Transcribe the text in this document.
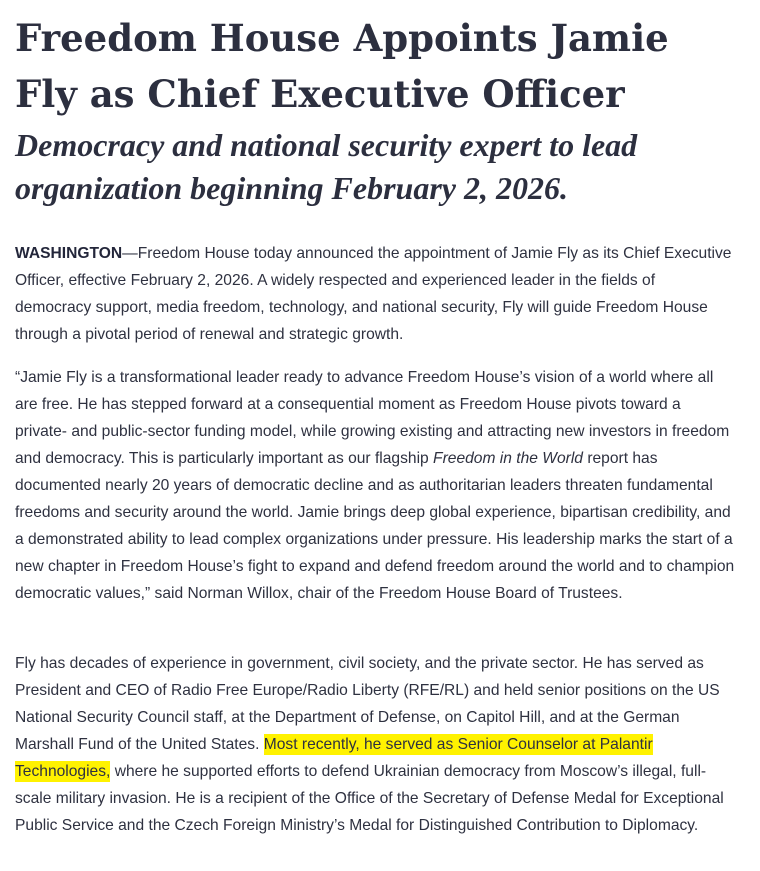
Freedom House Appoints Jamie Fly as Chief Executive Officer
Democracy and national security expert to lead organization beginning February 2, 2026.

WASHINGTON—Freedom House today announced the appointment of Jamie Fly as its Chief Executive Officer, effective February 2, 2026. A widely respected and experienced leader in the fields of democracy support, media freedom, technology, and national security, Fly will guide Freedom House through a pivotal period of renewal and strategic growth.

“Jamie Fly is a transformational leader ready to advance Freedom House’s vision of a world where all are free. He has stepped forward at a consequential moment as Freedom House pivots toward a private- and public-sector funding model, while growing existing and attracting new investors in freedom and democracy. This is particularly important as our flagship Freedom in the World report has documented nearly 20 years of democratic decline and as authoritarian leaders threaten fundamental freedoms and security around the world. Jamie brings deep global experience, bipartisan credibility, and a demonstrated ability to lead complex organizations under pressure. His leadership marks the start of a new chapter in Freedom House’s fight to expand and defend freedom around the world and to champion democratic values,” said Norman Willox, chair of the Freedom House Board of Trustees.

Fly has decades of experience in government, civil society, and the private sector. He has served as President and CEO of Radio Free Europe/Radio Liberty (RFE/RL) and held senior positions on the US National Security Council staff, at the Department of Defense, on Capitol Hill, and at the German Marshall Fund of the United States. Most recently, he served as Senior Counselor at Palantir Technologies, where he supported efforts to defend Ukrainian democracy from Moscow’s illegal, full-scale military invasion. He is a recipient of the Office of the Secretary of Defense Medal for Exceptional Public Service and the Czech Foreign Ministry’s Medal for Distinguished Contribution to Diplomacy.
